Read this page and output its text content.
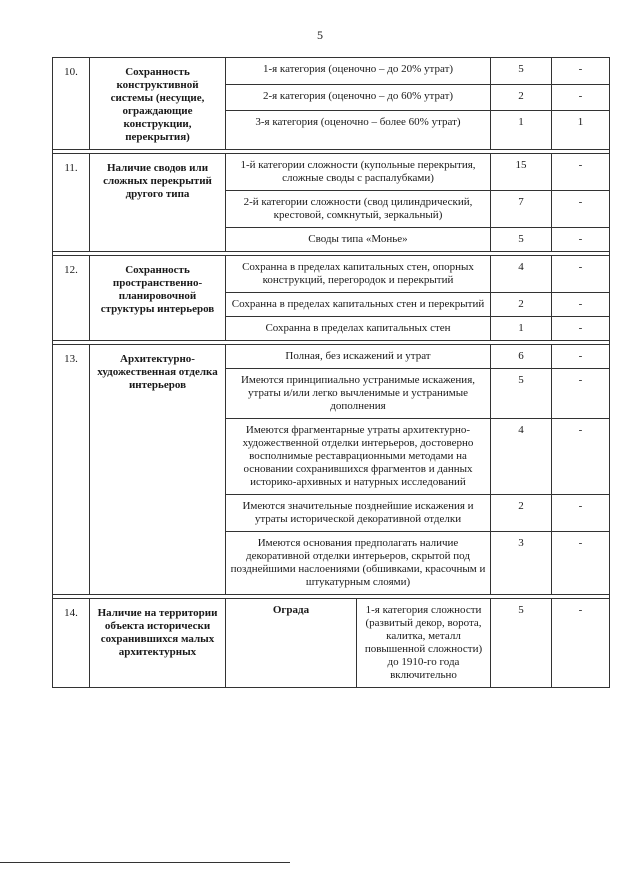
5
10.	Сохранность конструктивной системы (несущие, ограждающие конструкции, перекрытия)	1-я категория (оценочно – до 20% утрат)		5	-
		2-я категория (оценочно – до 60% утрат)		2	-
		3-я категория (оценочно – более 60% утрат)		1	1

11.	Наличие сводов или сложных перекрытий другого типа	1-й категории сложности (купольные перекрытия, сложные своды с распалубками)		15	-
		2-й категории сложности (свод цилиндрический, крестовой, сомкнутый, зеркальный)		7	-
		Своды типа «Монье»		5	-

12.	Сохранность пространственно-планировочной структуры интерьеров	Сохранна в пределах капитальных стен, опорных конструкций, перегородок и перекрытий		4	-
		Сохранна в пределах капитальных стен и перекрытий		2	-
		Сохранна в пределах капитальных стен		1	-

13.	Архитектурно-художественная отделка интерьеров	Полная, без искажений и утрат		6	-
		Имеются принципиально устранимые искажения, утраты и/или легко вычленимые и устранимые дополнения		5	-
		Имеются фрагментарные утраты архитектурно-художественной отделки интерьеров, достоверно восполнимые реставрационными методами на основании сохранившихся фрагментов и данных историко-архивных и натурных исследований		4	-
		Имеются значительные позднейшие искажения и утраты исторической декоративной отделки		2	-
		Имеются основания предполагать наличие декоративной отделки интерьеров, скрытой под позднейшими наслоениями (обшивками, красочным и штукатурным слоями)		3	-

14.	Наличие на территории объекта исторически сохранившихся малых архитектурных	Ограда	1-я категория сложности (развитый декор, ворота, калитка, металл повышенной сложности) до 1910-го года включительно	5	-
